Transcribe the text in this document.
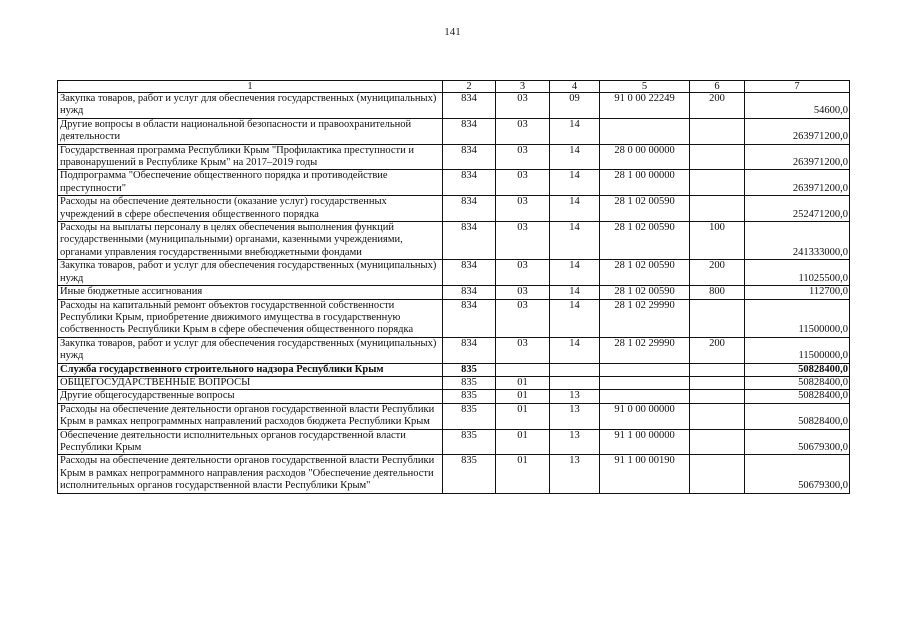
141
1	2	3	4	5	6	7
Закупка товаров, работ и услуг для обеспечения государственных (муниципальных) нужд	834	03	09	91 0 00 22249	200	54600,0
Другие вопросы в области национальной безопасности и правоохранительной деятельности	834	03	14			263971200,0
Государственная программа Республики Крым "Профилактика преступности и правонарушений в Республике Крым" на 2017–2019 годы	834	03	14	28 0 00 00000		263971200,0
Подпрограмма "Обеспечение общественного порядка и противодействие преступности"	834	03	14	28 1 00 00000		263971200,0
Расходы на обеспечение деятельности (оказание услуг) государственных учреждений в сфере обеспечения общественного порядка	834	03	14	28 1 02 00590		252471200,0
Расходы на выплаты персоналу в целях обеспечения выполнения функций государственными (муниципальными) органами, казенными учреждениями, органами управления государственными внебюджетными фондами	834	03	14	28 1 02 00590	100	241333000,0
Закупка товаров, работ и услуг для обеспечения государственных (муниципальных) нужд	834	03	14	28 1 02 00590	200	11025500,0
Иные бюджетные ассигнования	834	03	14	28 1 02 00590	800	112700,0
Расходы на капитальный ремонт объектов государственной собственности Республики Крым, приобретение движимого имущества в государственную собственность Республики Крым в сфере обеспечения общественного порядка	834	03	14	28 1 02 29990		11500000,0
Закупка товаров, работ и услуг для обеспечения государственных (муниципальных) нужд	834	03	14	28 1 02 29990	200	11500000,0
Служба государственного строительного надзора Республики Крым	835					50828400,0
ОБЩЕГОСУДАРСТВЕННЫЕ ВОПРОСЫ	835	01				50828400,0
Другие общегосударственные вопросы	835	01	13			50828400,0
Расходы на обеспечение деятельности органов государственной власти Республики Крым в рамках непрограммных направлений расходов бюджета Республики Крым	835	01	13	91 0 00 00000		50828400,0
Обеспечение деятельности исполнительных органов государственной власти Республики Крым	835	01	13	91 1 00 00000		50679300,0
Расходы на обеспечение деятельности органов государственной власти Республики Крым в рамках непрограммного направления расходов "Обеспечение деятельности исполнительных органов государственной власти Республики Крым"	835	01	13	91 1 00 00190		50679300,0
